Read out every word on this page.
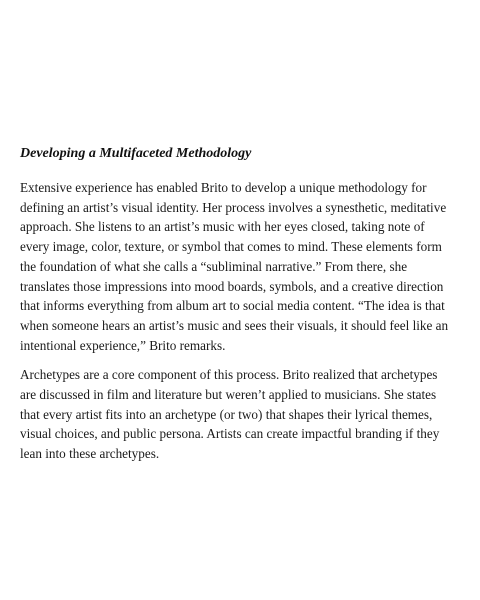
Developing a Multifaceted Methodology

Extensive experience has enabled Brito to develop a unique methodology for
defining an artist’s visual identity. Her process involves a synesthetic, meditative
approach. She listens to an artist’s music with her eyes closed, taking note of
every image, color, texture, or symbol that comes to mind. These elements form
the foundation of what she calls a “subliminal narrative.” From there, she
translates those impressions into mood boards, symbols, and a creative direction
that informs everything from album art to social media content. “The idea is that
when someone hears an artist’s music and sees their visuals, it should feel like an
intentional experience,” Brito remarks.

Archetypes are a core component of this process. Brito realized that archetypes
are discussed in film and literature but weren’t applied to musicians. She states
that every artist fits into an archetype (or two) that shapes their lyrical themes,
visual choices, and public persona. Artists can create impactful branding if they
lean into these archetypes.
